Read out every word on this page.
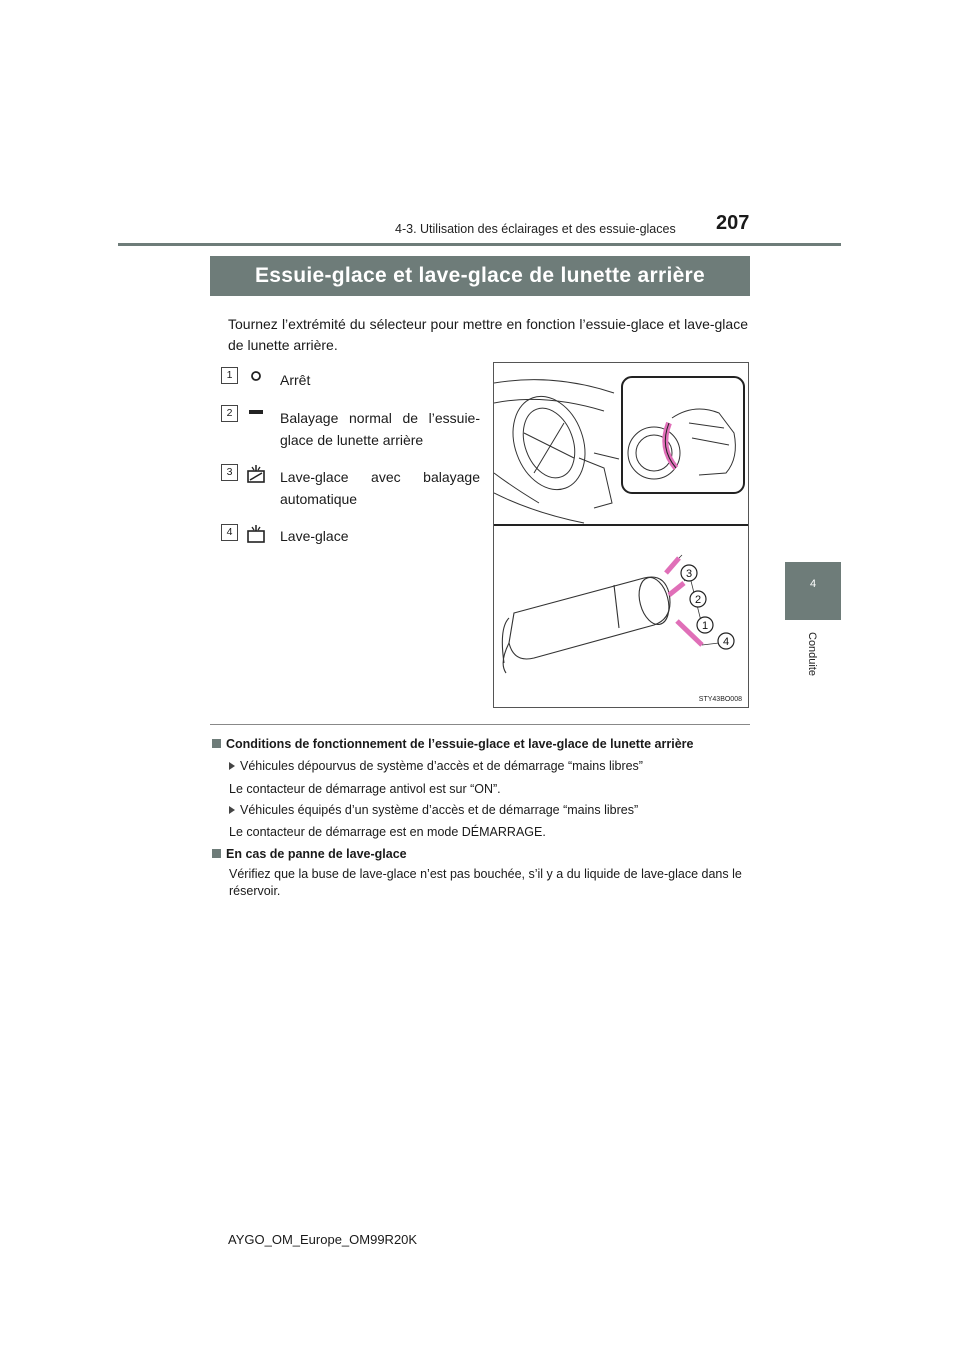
207
4-3. Utilisation des éclairages et des essuie-glaces
4
Conduite
Essuie-glace et lave-glace de lunette arrière
Tournez l’extrémité du sélecteur pour mettre en fonction l’essuie-glace et lave-glace de lunette arrière.
1	Arrêt
2	Balayage normal de l’essuie-glace de lunette arrière
3	Lave-glace avec balayage automatique
4	Lave-glace
3
2
1
4
STY43BO008
Conditions de fonctionnement de l’essuie-glace et lave-glace de lunette arrière
Véhicules dépourvus de système d’accès et de démarrage “mains libres”
Le contacteur de démarrage antivol est sur “ON”.
Véhicules équipés d’un système d’accès et de démarrage “mains libres”
Le contacteur de démarrage est en mode DÉMARRAGE.
En cas de panne de lave-glace
Vérifiez que la buse de lave-glace n’est pas bouchée, s’il y a du liquide de lave-glace dans le réservoir.
AYGO_OM_Europe_OM99R20K
